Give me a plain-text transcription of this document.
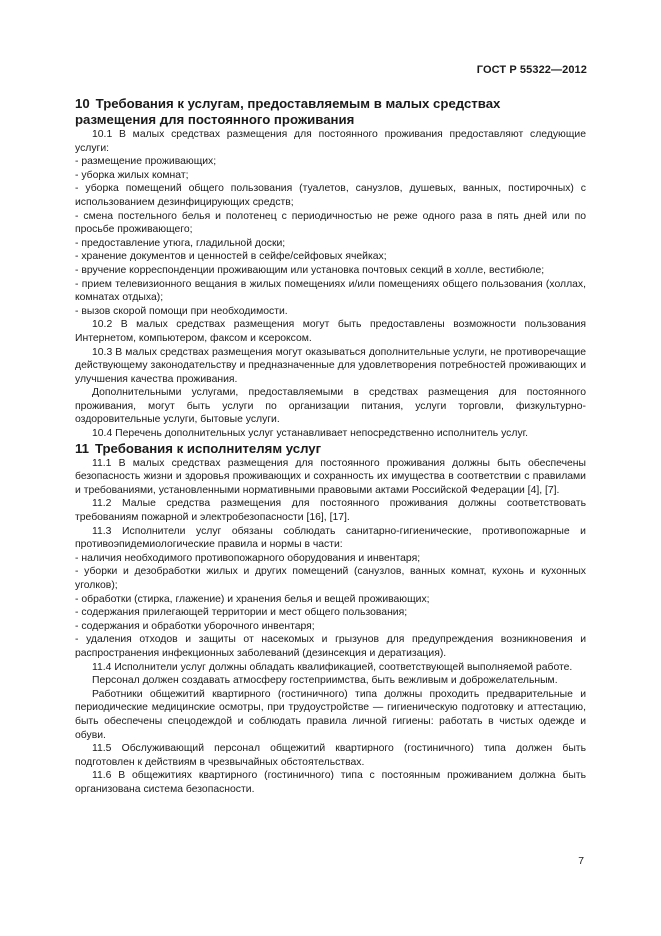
ГОСТ Р 55322—2012
10 Требования к услугам, предоставляемым в малых средствах
размещения для постоянного проживания

10.1 В малых средствах размещения для постоянного проживания предоставляют следующие услуги:

- размещение проживающих;

- уборка жилых комнат;

- уборка помещений общего пользования (туалетов, санузлов, душевых, ванных, постирочных) с использованием дезинфицирующих средств;

- смена постельного белья и полотенец с периодичностью не реже одного раза в пять дней или по просьбе проживающего;

- предоставление утюга, гладильной доски;

- хранение документов и ценностей в сейфе/сейфовых ячейках;

- вручение корреспонденции проживающим или установка почтовых секций в холле, вестибюле;

- прием телевизионного вещания в жилых помещениях и/или помещениях общего пользования (холлах, комнатах отдыха);

- вызов скорой помощи при необходимости.

10.2 В малых средствах размещения могут быть предоставлены возможности пользования Интернетом, компьютером, факсом и ксероксом.

10.3 В малых средствах размещения могут оказываться дополнительные услуги, не противоречащие действующему законодательству и предназначенные для удовлетворения потребностей проживающих и улучшения качества проживания.

Дополнительными услугами, предоставляемыми в средствах размещения для постоянного проживания, могут быть услуги по организации питания, услуги торговли, физкультурно-оздоровительные услуги, бытовые услуги.

10.4 Перечень дополнительных услуг устанавливает непосредственно исполнитель услуг.

11 Требования к исполнителям услуг

11.1 В малых средствах размещения для постоянного проживания должны быть обеспечены безопасность жизни и здоровья проживающих и сохранность их имущества в соответствии с правилами и требованиями, установленными нормативными правовыми актами Российской Федерации [4], [7].

11.2 Малые средства размещения для постоянного проживания должны соответствовать требованиям пожарной и электробезопасности [16], [17].

11.3 Исполнители услуг обязаны соблюдать санитарно-гигиенические, противопожарные и противоэпидемиологические правила и нормы в части:

- наличия необходимого противопожарного оборудования и инвентаря;

- уборки и дезобработки жилых и других помещений (санузлов, ванных комнат, кухонь и кухонных уголков);

- обработки (стирка, глажение) и хранения белья и вещей проживающих;

- содержания прилегающей территории и мест общего пользования;

- содержания и обработки уборочного инвентаря;

- удаления отходов и защиты от насекомых и грызунов для предупреждения возникновения и распространения инфекционных заболеваний (дезинсекция и дератизация).

11.4 Исполнители услуг должны обладать квалификацией, соответствующей выполняемой работе.

Персонал должен создавать атмосферу гостеприимства, быть вежливым и доброжелательным.

Работники общежитий квартирного (гостиничного) типа должны проходить предварительные и периодические медицинские осмотры, при трудоустройстве — гигиеническую подготовку и аттестацию, быть обеспечены спецодеждой и соблюдать правила личной гигиены: работать в чистых одежде и обуви.

11.5 Обслуживающий персонал общежитий квартирного (гостиничного) типа должен быть подготовлен к действиям в чрезвычайных обстоятельствах.

11.6 В общежитиях квартирного (гостиничного) типа с постоянным проживанием должна быть организована система безопасности.

7
